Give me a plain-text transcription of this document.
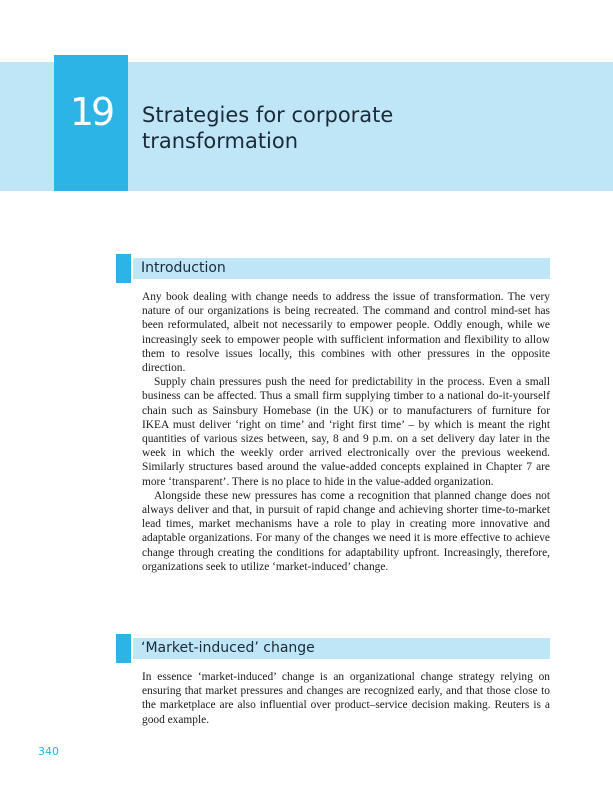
19	Strategies for corporate transformation
Introduction

Any book dealing with change needs to address the issue of transformation. The very nature of our organizations is being recreated. The command and control mind-set has been reformulated, albeit not necessarily to empower people. Oddly enough, while we increasingly seek to empower people with sufficient information and flexibility to allow them to resolve issues locally, this combines with other pressures in the opposite direction.

Supply chain pressures push the need for predictability in the process. Even a small business can be affected. Thus a small firm supplying timber to a national do-it-yourself chain such as Sainsbury Homebase (in the UK) or to manufacturers of furniture for IKEA must deliver ‘right on time’ and ‘right first time’ – by which is meant the right quantities of various sizes between, say, 8 and 9 p.m. on a set delivery day later in the week in which the weekly order arrived electronically over the previous weekend. Similarly structures based around the value-added concepts explained in Chapter 7 are more ‘transparent’. There is no place to hide in the value-added organization.

Alongside these new pressures has come a recognition that planned change does not always deliver and that, in pursuit of rapid change and achieving shorter time-to-market lead times, market mechanisms have a role to play in creating more innovative and adaptable organizations. For many of the changes we need it is more effective to achieve change through creating the conditions for adaptability upfront. Increasingly, therefore, organizations seek to utilize ‘market-induced’ change.

‘Market-induced’ change

In essence ‘market-induced’ change is an organizational change strategy relying on ensuring that market pressures and changes are recognized early, and that those close to the marketplace are also influential over product–service decision making. Reuters is a good example.

340
